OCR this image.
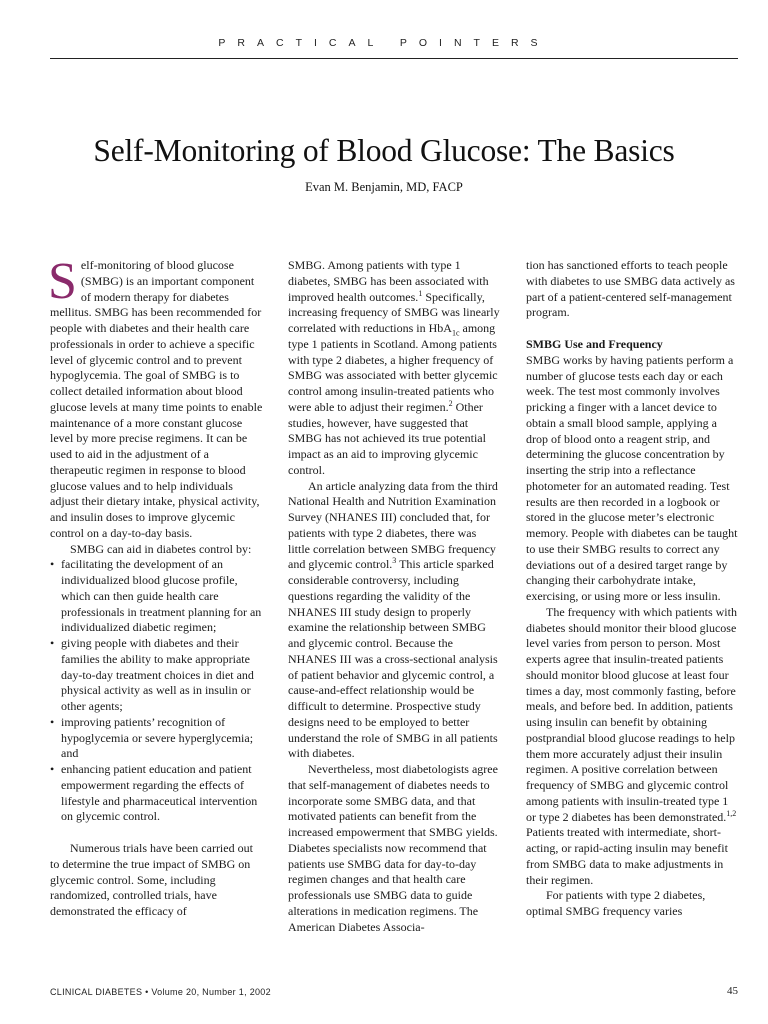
PRACTICAL POINTERS
Self-Monitoring of Blood Glucose: The Basics
Evan M. Benjamin, MD, FACP

Self-monitoring of blood glucose (SMBG) is an important component of modern therapy for diabetes mellitus. SMBG has been recommended for people with diabetes and their health care professionals in order to achieve a specific level of glycemic control and to prevent hypoglycemia. The goal of SMBG is to collect detailed information about blood glucose levels at many time points to enable maintenance of a more constant glucose level by more precise regimens. It can be used to aid in the adjustment of a therapeutic regimen in response to blood glucose values and to help individuals adjust their dietary intake, physical activity, and insulin doses to improve glycemic control on a day-to-day basis.

SMBG can aid in diabetes control by:

• facilitating the development of an individualized blood glucose profile, which can then guide health care professionals in treatment planning for an individualized diabetic regimen;
• giving people with diabetes and their families the ability to make appropriate day-to-day treatment choices in diet and physical activity as well as in insulin or other agents;
• improving patients’ recognition of hypoglycemia or severe hyperglycemia; and
• enhancing patient education and patient empowerment regarding the effects of lifestyle and pharmaceutical intervention on glycemic control.

Numerous trials have been carried out to determine the true impact of SMBG on glycemic control. Some, including randomized, controlled trials, have demonstrated the efficacy of

SMBG. Among patients with type 1 diabetes, SMBG has been associated with improved health outcomes.$^1$ Specifically, increasing frequency of SMBG was linearly correlated with reductions in HbA$_{1c}$ among type 1 patients in Scotland. Among patients with type 2 diabetes, a higher frequency of SMBG was associated with better glycemic control among insulin-treated patients who were able to adjust their regimen.$^2$ Other studies, however, have suggested that SMBG has not achieved its true potential impact as an aid to improving glycemic control.

An article analyzing data from the third National Health and Nutrition Examination Survey (NHANES III) concluded that, for patients with type 2 diabetes, there was little correlation between SMBG frequency and glycemic control.$^3$ This article sparked considerable controversy, including questions regarding the validity of the NHANES III study design to properly examine the relationship between SMBG and glycemic control. Because the NHANES III was a cross-sectional analysis of patient behavior and glycemic control, a cause-and-effect relationship would be difficult to determine. Prospective study designs need to be employed to better understand the role of SMBG in all patients with diabetes.

Nevertheless, most diabetologists agree that self-management of diabetes needs to incorporate some SMBG data, and that motivated patients can benefit from the increased empowerment that SMBG yields. Diabetes specialists now recommend that patients use SMBG data for day-to-day regimen changes and that health care professionals use SMBG data to guide alterations in medication regimens. The American Diabetes Associa-

tion has sanctioned efforts to teach people with diabetes to use SMBG data actively as part of a patient-centered self-management program.

SMBG Use and Frequency

SMBG works by having patients perform a number of glucose tests each day or each week. The test most commonly involves pricking a finger with a lancet device to obtain a small blood sample, applying a drop of blood onto a reagent strip, and determining the glucose concentration by inserting the strip into a reflectance photometer for an automated reading. Test results are then recorded in a logbook or stored in the glucose meter’s electronic memory. People with diabetes can be taught to use their SMBG results to correct any deviations out of a desired target range by changing their carbohydrate intake, exercising, or using more or less insulin.

The frequency with which patients with diabetes should monitor their blood glucose level varies from person to person. Most experts agree that insulin-treated patients should monitor blood glucose at least four times a day, most commonly fasting, before meals, and before bed. In addition, patients using insulin can benefit by obtaining postprandial blood glucose readings to help them more accurately adjust their insulin regimen. A positive correlation between frequency of SMBG and glycemic control among patients with insulin-treated type 1 or type 2 diabetes has been demonstrated.$^{1,2}$ Patients treated with intermediate, short-acting, or rapid-acting insulin may benefit from SMBG data to make adjustments in their regimen.

For patients with type 2 diabetes, optimal SMBG frequency varies

CLINICAL DIABETES • Volume 20, Number 1, 2002	45
